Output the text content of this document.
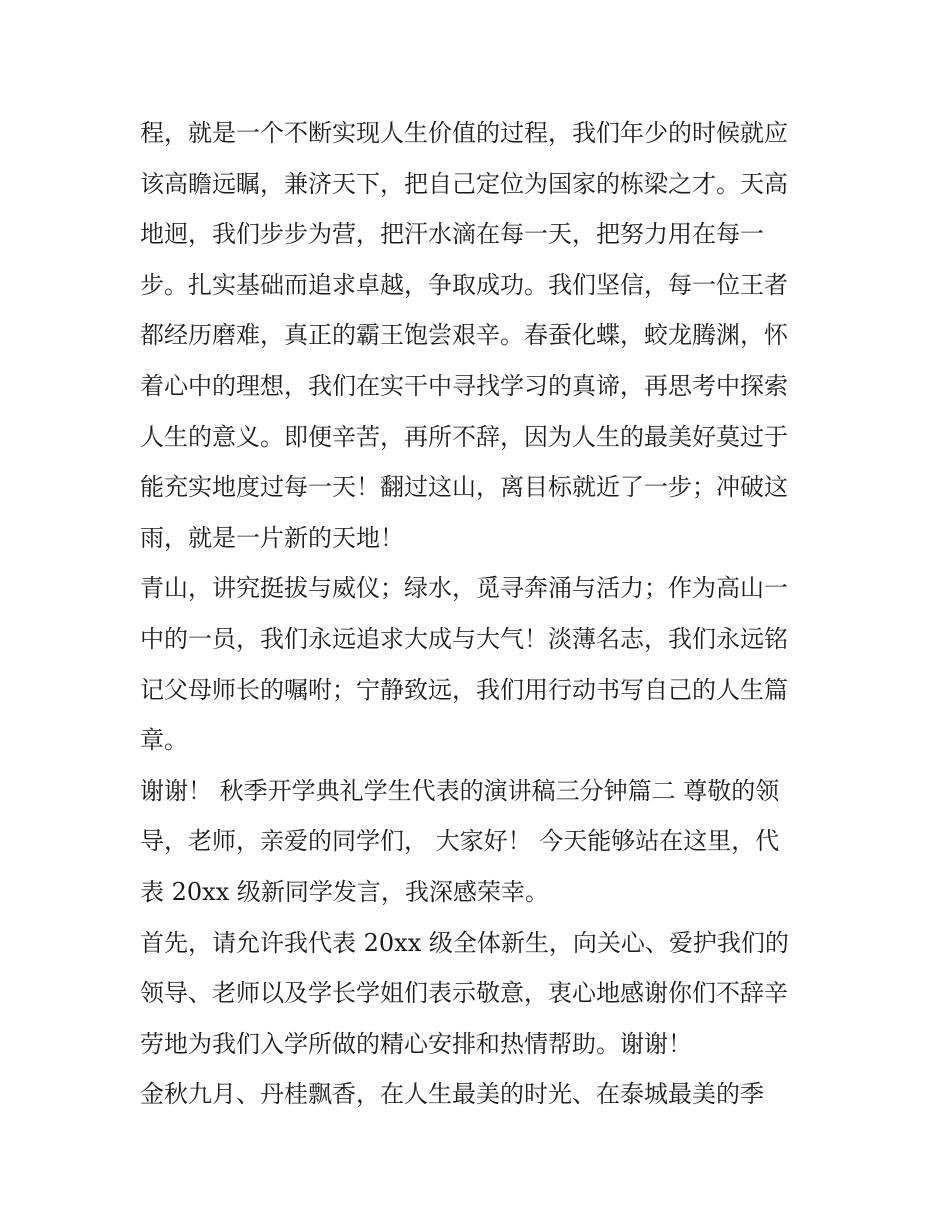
程，就是一个不断实现人生价值的过程，我们年少的时候就应
该高瞻远瞩，兼济天下，把自己定位为国家的栋梁之才。天高
地迥，我们步步为营，把汗水滴在每一天，把努力用在每一
步。扎实基础而追求卓越，争取成功。我们坚信，每一位王者
都经历磨难，真正的霸王饱尝艰辛。春蚕化蝶，蛟龙腾渊，怀
着心中的理想，我们在实干中寻找学习的真谛，再思考中探索
人生的意义。即便辛苦，再所不辞，因为人生的最美好莫过于
能充实地度过每一天！翻过这山，离目标就近了一步；冲破这
雨，就是一片新的天地！
青山，讲究挺拔与威仪；绿水，觅寻奔涌与活力；作为高山一
中的一员，我们永远追求大成与大气！淡薄名志，我们永远铭
记父母师长的嘱咐；宁静致远，我们用行动书写自己的人生篇
章。
谢谢！ 秋季开学典礼学生代表的演讲稿三分钟篇二 尊敬的领
导，老师，亲爱的同学们， 大家好！ 今天能够站在这里，代
表 20xx 级新同学发言，我深感荣幸。
首先，请允许我代表 20xx 级全体新生，向关心、爱护我们的
领导、老师以及学长学姐们表示敬意，衷心地感谢你们不辞辛
劳地为我们入学所做的精心安排和热情帮助。谢谢！
金秋九月、丹桂飘香，在人生最美的时光、在泰城最美的季
